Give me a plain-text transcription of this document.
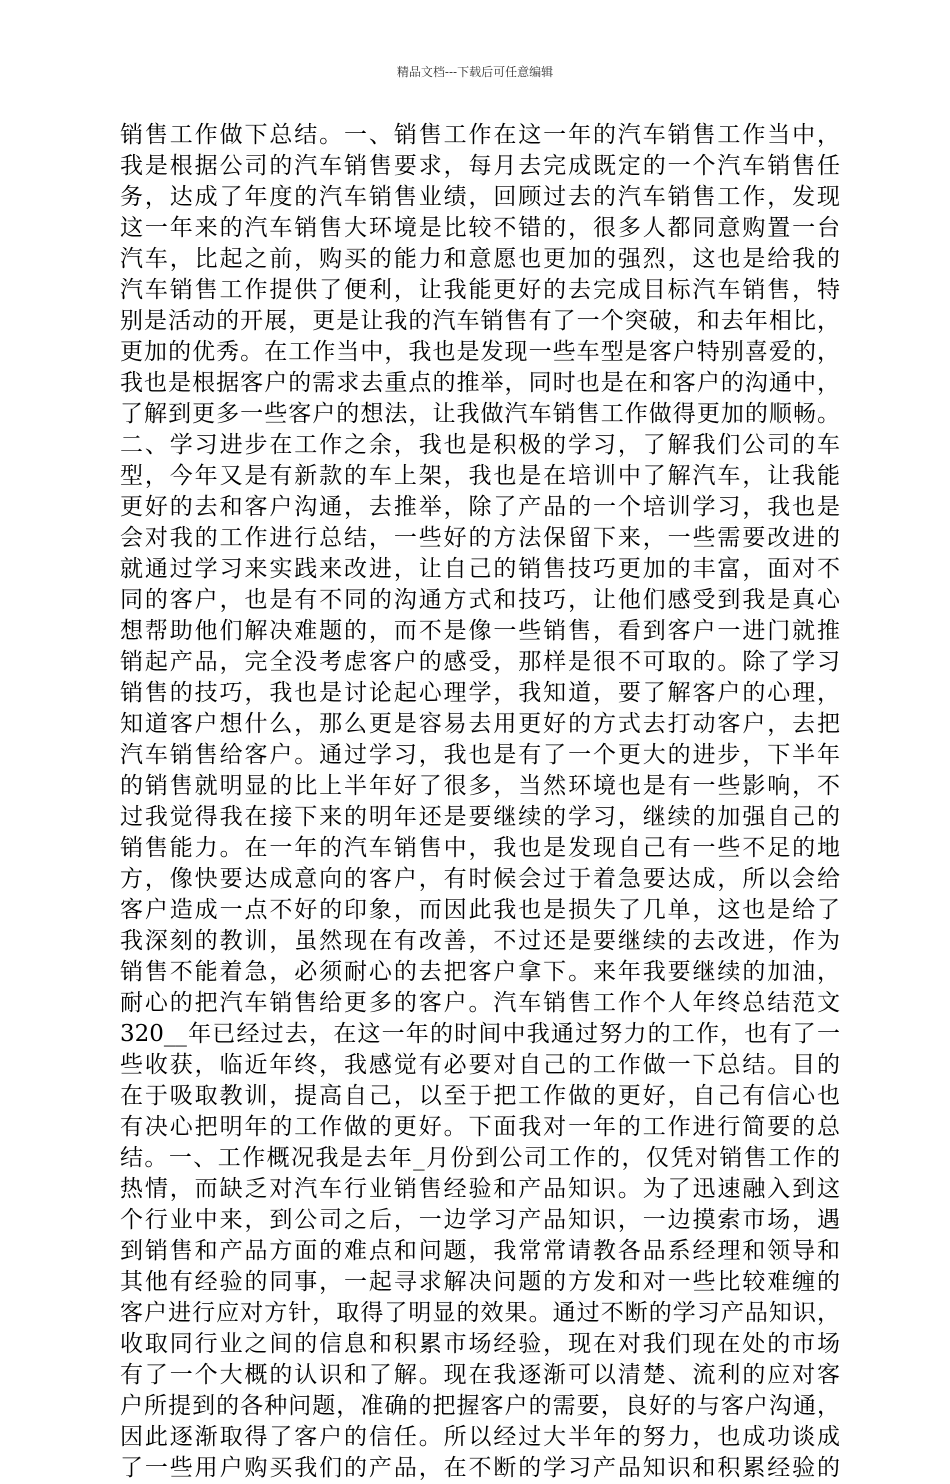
精品文档---下载后可任意编辑
销售工作做下总结。一、销售工作在这一年的汽车销售工作当中，
我是根据公司的汽车销售要求，每月去完成既定的一个汽车销售任
务，达成了年度的汽车销售业绩，回顾过去的汽车销售工作，发现
这一年来的汽车销售大环境是比较不错的，很多人都同意购置一台
汽车，比起之前，购买的能力和意愿也更加的强烈，这也是给我的
汽车销售工作提供了便利，让我能更好的去完成目标汽车销售，特
别是活动的开展，更是让我的汽车销售有了一个突破，和去年相比，
更加的优秀。在工作当中，我也是发现一些车型是客户特别喜爱的，
我也是根据客户的需求去重点的推举，同时也是在和客户的沟通中，
了解到更多一些客户的想法，让我做汽车销售工作做得更加的顺畅。
二、学习进步在工作之余，我也是积极的学习，了解我们公司的车
型，今年又是有新款的车上架，我也是在培训中了解汽车，让我能
更好的去和客户沟通，去推举，除了产品的一个培训学习，我也是
会对我的工作进行总结，一些好的方法保留下来，一些需要改进的
就通过学习来实践来改进，让自己的销售技巧更加的丰富，面对不
同的客户，也是有不同的沟通方式和技巧，让他们感受到我是真心
想帮助他们解决难题的，而不是像一些销售，看到客户一进门就推
销起产品，完全没考虑客户的感受，那样是很不可取的。除了学习
销售的技巧，我也是讨论起心理学，我知道，要了解客户的心理，
知道客户想什么，那么更是容易去用更好的方式去打动客户，去把
汽车销售给客户。通过学习，我也是有了一个更大的进步，下半年
的销售就明显的比上半年好了很多，当然环境也是有一些影响，不
过我觉得我在接下来的明年还是要继续的学习，继续的加强自己的
销售能力。在一年的汽车销售中，我也是发现自己有一些不足的地
方，像快要达成意向的客户，有时候会过于着急要达成，所以会给
客户造成一点不好的印象，而因此我也是损失了几单，这也是给了
我深刻的教训，虽然现在有改善，不过还是要继续的去改进，作为
销售不能着急，必须耐心的去把客户拿下。来年我要继续的加油，
耐心的把汽车销售给更多的客户。汽车销售工作个人年终总结范文
320__年已经过去，在这一年的时间中我通过努力的工作，也有了一
些收获，临近年终，我感觉有必要对自己的工作做一下总结。目的
在于吸取教训，提高自己，以至于把工作做的更好，自己有信心也
有决心把明年的工作做的更好。下面我对一年的工作进行简要的总
结。一、工作概况我是去年_月份到公司工作的，仅凭对销售工作的
热情，而缺乏对汽车行业销售经验和产品知识。为了迅速融入到这
个行业中来，到公司之后，一边学习产品知识，一边摸索市场，遇
到销售和产品方面的难点和问题，我常常请教各品系经理和领导和
其他有经验的同事，一起寻求解决问题的方发和对一些比较难缠的
客户进行应对方针，取得了明显的效果。通过不断的学习产品知识，
收取同行业之间的信息和积累市场经验，现在对我们现在处的市场
有了一个大概的认识和了解。现在我逐渐可以清楚、流利的应对客
户所提到的各种问题，准确的把握客户的需要，良好的与客户沟通，
因此逐渐取得了客户的信任。所以经过大半年的努力，也成功谈成
了一些用户购买我们的产品，在不断的学习产品知识和积累经验的
